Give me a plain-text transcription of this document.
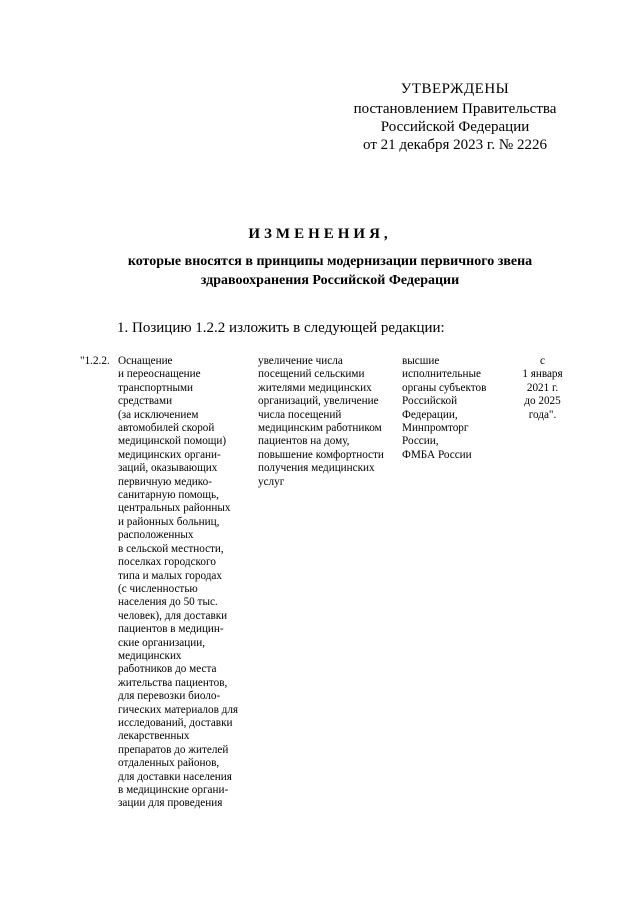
УТВЕРЖДЕНЫ
постановлением Правительства
Российской Федерации
от 21 декабря 2023 г. № 2226
ИЗМЕНЕНИЯ,
которые вносятся в принципы модернизации первичного звена
здравоохранения Российской Федерации
1. Позицию 1.2.2 изложить в следующей редакции:
"1.2.2. Оснащение
и переоснащение
транспортными
средствами
(за исключением
автомобилей скорой
медицинской помощи)
медицинских органи-
заций, оказывающих
первичную медико-
санитарную помощь,
центральных районных
и районных больниц,
расположенных
в сельской местности,
поселках городского
типа и малых городах
(с численностью
населения до 50 тыс.
человек), для доставки
пациентов в медицин-
ские организации,
медицинских
работников до места
жительства пациентов,
для перевозки биоло-
гических материалов для
исследований, доставки
лекарственных
препаратов до жителей
отдаленных районов,
для доставки населения
в медицинские органи-
зации для проведения
увеличение числа
посещений сельскими
жителями медицинских
организаций, увеличение
числа посещений
медицинским работником
пациентов на дому,
повышение комфортности
получения медицинских
услуг
высшие
исполнительные
органы субъектов
Российской
Федерации,
Минпромторг
России,
ФМБА России
с
1 января
2021 г.
до 2025
года".
